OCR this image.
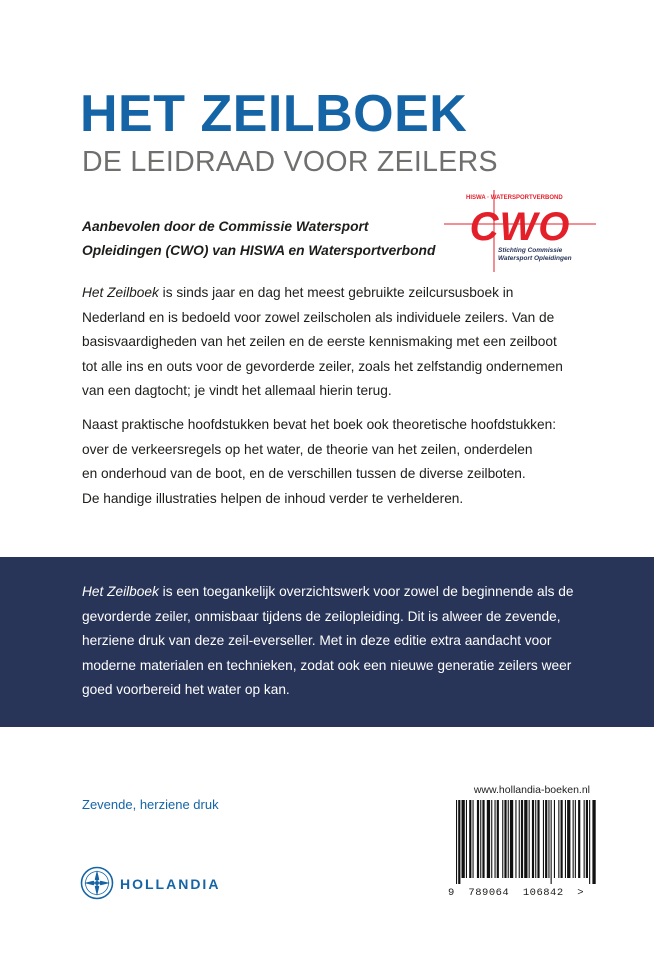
HET ZEILBOEK
DE LEIDRAAD VOOR ZEILERS
Aanbevolen door de Commissie Watersport
Opleidingen (CWO) van HISWA en Watersportverbond
HISWA · WATERSPORTVERBOND
CWO
Stichting Commissie
Watersport Opleidingen
Het Zeilboek is sinds jaar en dag het meest gebruikte zeilcursusboek in
Nederland en is bedoeld voor zowel zeilscholen als individuele zeilers. Van de
basisvaardigheden van het zeilen en de eerste kennismaking met een zeilboot
tot alle ins en outs voor de gevorderde zeiler, zoals het zelfstandig ondernemen
van een dagtocht; je vindt het allemaal hierin terug.
Naast praktische hoofdstukken bevat het boek ook theoretische hoofdstukken:
over de verkeersregels op het water, de theorie van het zeilen, onderdelen
en onderhoud van de boot, en de verschillen tussen de diverse zeilboten.
De handige illustraties helpen de inhoud verder te verhelderen.
Het Zeilboek is een toegankelijk overzichtswerk voor zowel de beginnende als de
gevorderde zeiler, onmisbaar tijdens de zeilopleiding. Dit is alweer de zevende,
herziene druk van deze zeil-everseller. Met in deze editie extra aandacht voor
moderne materialen en technieken, zodat ook een nieuwe generatie zeilers weer
goed voorbereid het water op kan.
Zevende, herziene druk
HOLLANDIA
www.hollandia-boeken.nl
9 789064 106842 >
